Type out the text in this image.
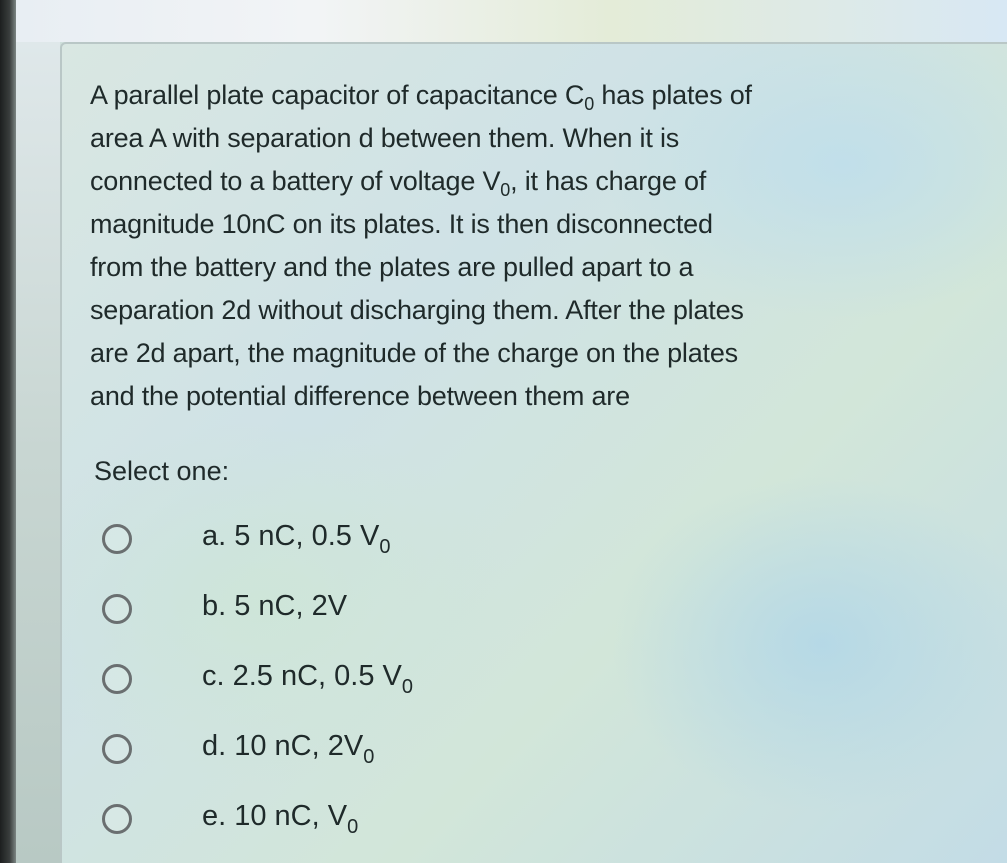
A parallel plate capacitor of capacitance $C_0$ has plates of
area A with separation d between them. When it is
connected to a battery of voltage $V_0$, it has charge of
magnitude 10nC on its plates. It is then disconnected
from the battery and the plates are pulled apart to a
separation 2d without discharging them. After the plates
are 2d apart, the magnitude of the charge on the plates
and the potential difference between them are

Select one:
a. 5 nC, 0.5 $V_0$
b. 5 nC, 2V
c. 2.5 nC, 0.5 $V_0$
d. 10 nC, $2V_0$
e. 10 nC, $V_0$
